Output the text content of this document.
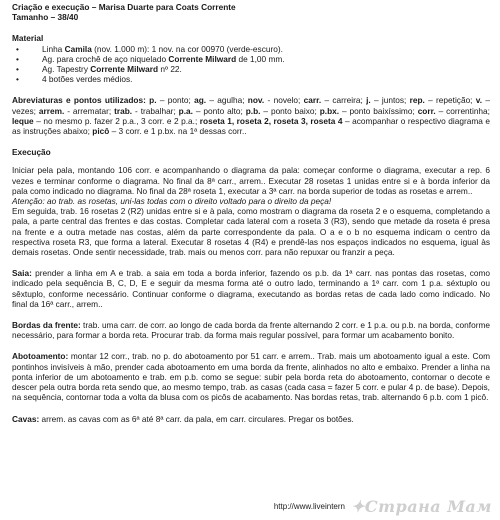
Criação e execução – Marisa Duarte para Coats Corrente
Tamanho – 38/40
Material
• Linha Camila (nov. 1.000 m): 1 nov. na cor 00970 (verde-escuro).
• Ag. para crochê de aço niquelado Corrente Milward de 1,00 mm.
• Ag. Tapestry Corrente Milward nº 22.
• 4 botões verdes médios.

Abreviaturas e pontos utilizados: p. – ponto; ag. – agulha; nov. - novelo; carr. – carreira; j. – juntos; rep. – repetição; v. – vezes; arrem. - arrematar; trab. - trabalhar; p.a. – ponto alto; p.b. – ponto baixo; p.bx. – ponto baixíssimo; corr. – correntinha; leque – no mesmo p. fazer 2 p.a., 3 corr. e 2 p.a.; roseta 1, roseta 2, roseta 3, roseta 4 – acompanhar o respectivo diagrama e as instruções abaixo; picô – 3 corr. e 1 p.bx. na 1ª dessas corr..

Execução

Iniciar pela pala, montando 106 corr. e acompanhando o diagrama da pala: começar conforme o diagrama, executar a rep. 6 vezes e terminar conforme o diagrama. No final da 8ª carr., arrem.. Executar 28 rosetas 1 unidas entre si e à borda inferior da pala como indicado no diagrama. No final da 28ª roseta 1, executar a 3ª carr. na borda superior de todas as rosetas e arrem..
Atenção: ao trab. as rosetas, uni-las todas com o direito voltado para o direito da peça!
Em seguida, trab. 16 rosetas 2 (R2) unidas entre si e à pala, como mostram o diagrama da roseta 2 e o esquema, completando a pala, a parte central das frentes e das costas. Completar cada lateral com a roseta 3 (R3), sendo que metade da roseta é presa na frente e a outra metade nas costas, além da parte correspondente da pala. O a e o b no esquema indicam o centro da respectiva roseta R3, que forma a lateral. Executar 8 rosetas 4 (R4) e prendê-las nos espaços indicados no esquema, igual às demais rosetas. Onde sentir necessidade, trab. mais ou menos corr. para não repuxar ou franzir a peça.

Saia: prender a linha em A e trab. a saia em toda a borda inferior, fazendo os p.b. da 1ª carr. nas pontas das rosetas, como indicado pela sequência B, C, D, E e seguir da mesma forma até o outro lado, terminando a 1ª carr. com 1 p.a. séxtuplo ou sêxtuplo, conforme necessário. Continuar conforme o diagrama, executando as bordas retas de cada lado como indicado. No final da 16ª carr., arrem..

Bordas da frente: trab. uma carr. de corr. ao longo de cada borda da frente alternando 2 corr. e 1 p.a. ou p.b. na borda, conforme necessário, para formar a borda reta. Procurar trab. da forma mais regular possível, para formar um acabamento bonito.

Abotoamento: montar 12 corr., trab. no p. do abotoamento por 51 carr. e arrem.. Trab. mais um abotoamento igual a este. Com pontinhos invisíveis à mão, prender cada abotoamento em uma borda da frente, alinhados no alto e embaixo. Prender a linha na ponta inferior de um abotoamento e trab. em p.b. como se segue: subir pela borda reta do abotoamento, contornar o decote e descer pela outra borda reta sendo que, ao mesmo tempo, trab. as casas (cada casa = fazer 5 corr. e pular 4 p. de base). Depois, na sequência, contornar toda a volta da blusa com os picôs de acabamento. Nas bordas retas, trab. alternando 6 p.b. com 1 picô.

Cavas: arrem. as cavas com as 6ª até 8ª carr. da pala, em carr. circulares. Pregar os botões.

http://www.liveintern ✦Страна Мам
